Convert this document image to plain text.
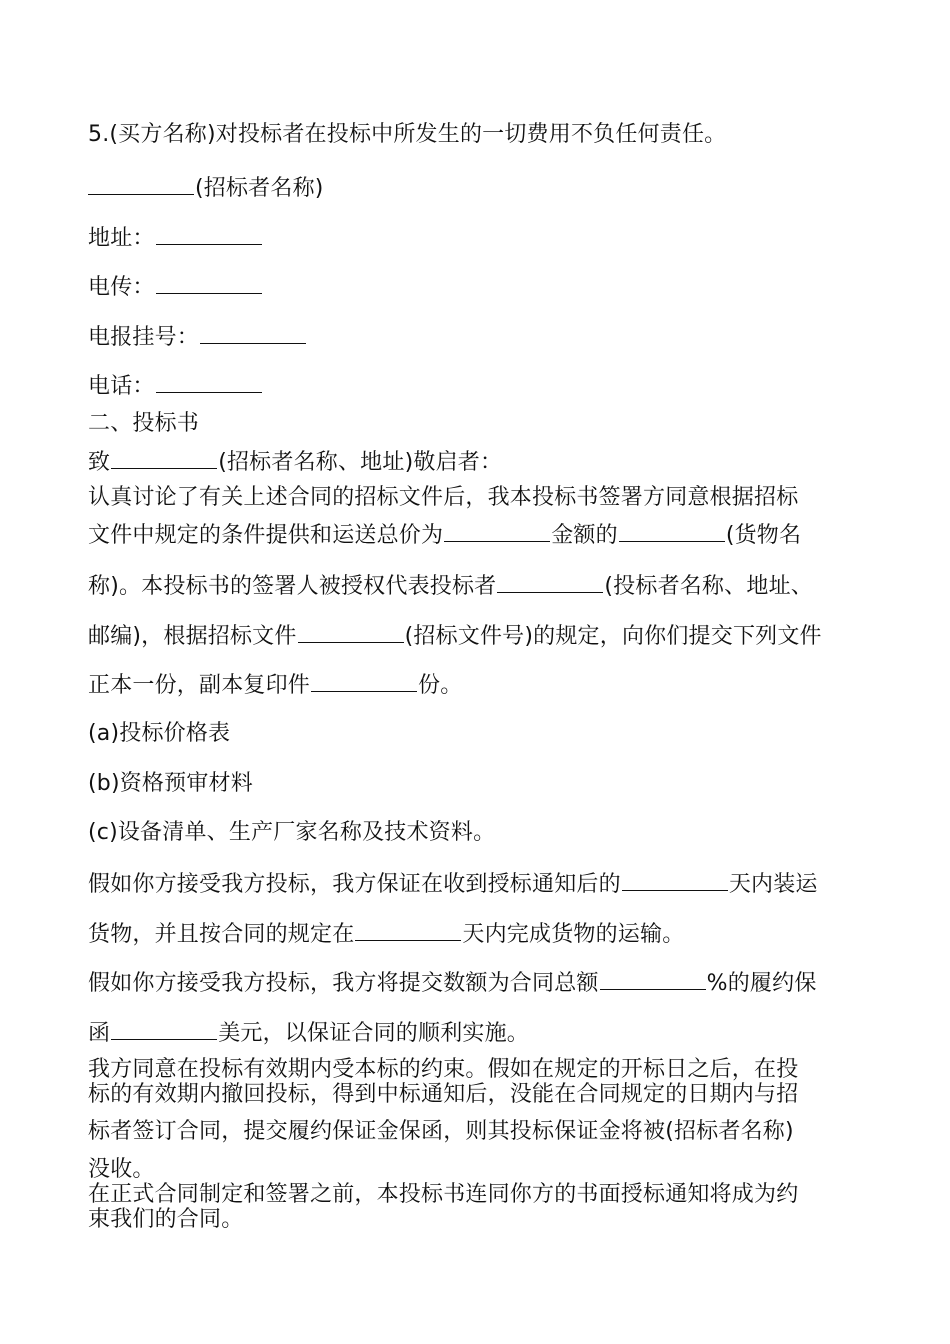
5.(买方名称)对投标者在投标中所发生的一切费用不负任何责任。
(招标者名称)
地址：
电传：
电报挂号：
电话：
二、投标书
致	(招标者名称、地址)敬启者：
认真讨论了有关上述合同的招标文件后，我本投标书签署方同意根据招标
文件中规定的条件提供和运送总价为	金额的	(货物名
称)。本投标书的签署人被授权代表投标者	(投标者名称、地址、
邮编)，根据招标文件	(招标文件号)的规定，向你们提交下列文件
正本一份，副本复印件	份。
(a)投标价格表
(b)资格预审材料
(c)设备清单、生产厂家名称及技术资料。
假如你方接受我方投标，我方保证在收到授标通知后的	天内装运
货物，并且按合同的规定在	天内完成货物的运输。
假如你方接受我方投标，我方将提交数额为合同总额	%的履约保
函	美元，以保证合同的顺利实施。
我方同意在投标有效期内受本标的约束。假如在规定的开标日之后，在投
标的有效期内撤回投标，得到中标通知后，没能在合同规定的日期内与招
标者签订合同，提交履约保证金保函，则其投标保证金将被(招标者名称)
没收。
在正式合同制定和签署之前，本投标书连同你方的书面授标通知将成为约
束我们的合同。
